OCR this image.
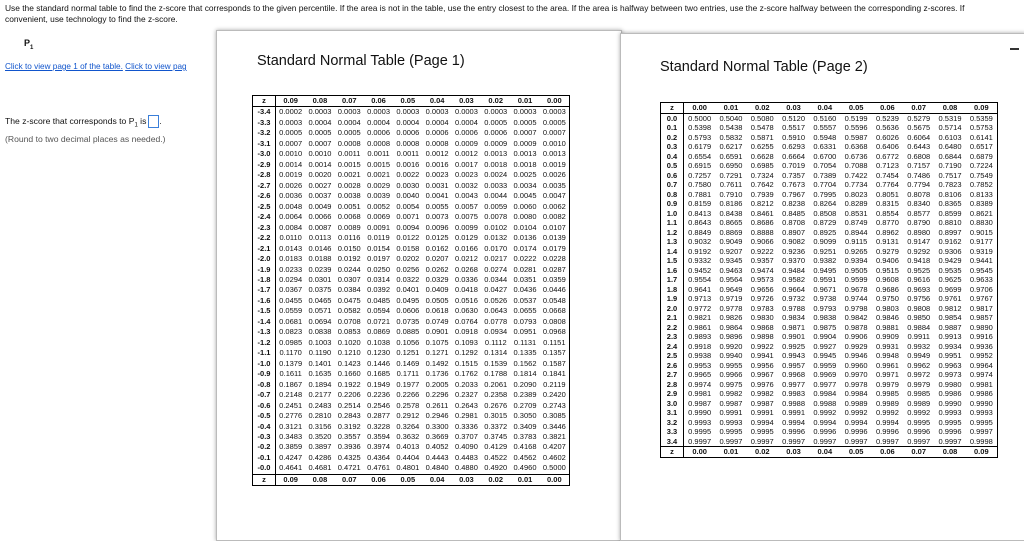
Use the standard normal table to find the z-score that corresponds to the given percentile. If the area is not in the table, use the entry closest to the area. If the area is halfway between two entries, use the z-score halfway between the corresponding z-scores. If convenient, use technology to find the z-score.
$P_1$
Click to view page 1 of the table. Click to view pag
The z-score that corresponds to $P_1$ is .
(Round to two decimal places as needed.)
Standard Normal Table (Page 1)
z	0.09	0.08	0.07	0.06	0.05	0.04	0.03	0.02	0.01	0.00
-3.4	0.0002 0.0003 0.0003 0.0003 0.0003 0.0003 0.0003 0.0003 0.0003 0.0003
-3.3	0.0003 0.0004 0.0004 0.0004 0.0004 0.0004 0.0004 0.0005 0.0005 0.0005
-3.2	0.0005 0.0005 0.0005 0.0006 0.0006 0.0006 0.0006 0.0006 0.0007 0.0007
-3.1	0.0007 0.0007 0.0008 0.0008 0.0008 0.0008 0.0009 0.0009 0.0009 0.0010
-3.0	0.0010 0.0010 0.0011 0.0011 0.0011 0.0012 0.0012 0.0013 0.0013 0.0013
-2.9	0.0014 0.0014 0.0015 0.0015 0.0016 0.0016 0.0017 0.0018 0.0018 0.0019
-2.8	0.0019 0.0020 0.0021 0.0021 0.0022 0.0023 0.0023 0.0024 0.0025 0.0026
-2.7	0.0026 0.0027 0.0028 0.0029 0.0030 0.0031 0.0032 0.0033 0.0034 0.0035
-2.6	0.0036 0.0037 0.0038 0.0039 0.0040 0.0041 0.0043 0.0044 0.0045 0.0047
-2.5	0.0048 0.0049 0.0051 0.0052 0.0054 0.0055 0.0057 0.0059 0.0060 0.0062
-2.4	0.0064 0.0066 0.0068 0.0069 0.0071 0.0073 0.0075 0.0078 0.0080 0.0082
-2.3	0.0084 0.0087 0.0089 0.0091 0.0094 0.0096 0.0099 0.0102 0.0104 0.0107
-2.2	0.0110 0.0113 0.0116 0.0119 0.0122 0.0125 0.0129 0.0132 0.0136 0.0139
-2.1	0.0143 0.0146 0.0150 0.0154 0.0158 0.0162 0.0166 0.0170 0.0174 0.0179
-2.0	0.0183 0.0188 0.0192 0.0197 0.0202 0.0207 0.0212 0.0217 0.0222 0.0228
-1.9	0.0233 0.0239 0.0244 0.0250 0.0256 0.0262 0.0268 0.0274 0.0281 0.0287
-1.8	0.0294 0.0301 0.0307 0.0314 0.0322 0.0329 0.0336 0.0344 0.0351 0.0359
-1.7	0.0367 0.0375 0.0384 0.0392 0.0401 0.0409 0.0418 0.0427 0.0436 0.0446
-1.6	0.0455 0.0465 0.0475 0.0485 0.0495 0.0505 0.0516 0.0526 0.0537 0.0548
-1.5	0.0559 0.0571 0.0582 0.0594 0.0606 0.0618 0.0630 0.0643 0.0655 0.0668
-1.4	0.0681 0.0694 0.0708 0.0721 0.0735 0.0749 0.0764 0.0778 0.0793 0.0808
-1.3	0.0823 0.0838 0.0853 0.0869 0.0885 0.0901 0.0918 0.0934 0.0951 0.0968
-1.2	0.0985 0.1003 0.1020 0.1038 0.1056 0.1075 0.1093 0.1112 0.1131 0.1151
-1.1	0.1170 0.1190 0.1210 0.1230 0.1251 0.1271 0.1292 0.1314 0.1335 0.1357
-1.0	0.1379 0.1401 0.1423 0.1446 0.1469 0.1492 0.1515 0.1539 0.1562 0.1587
-0.9	0.1611 0.1635 0.1660 0.1685 0.1711 0.1736 0.1762 0.1788 0.1814 0.1841
-0.8	0.1867 0.1894 0.1922 0.1949 0.1977 0.2005 0.2033 0.2061 0.2090 0.2119
-0.7	0.2148 0.2177 0.2206 0.2236 0.2266 0.2296 0.2327 0.2358 0.2389 0.2420
-0.6	0.2451 0.2483 0.2514 0.2546 0.2578 0.2611 0.2643 0.2676 0.2709 0.2743
-0.5	0.2776 0.2810 0.2843 0.2877 0.2912 0.2946 0.2981 0.3015 0.3050 0.3085
-0.4	0.3121 0.3156 0.3192 0.3228 0.3264 0.3300 0.3336 0.3372 0.3409 0.3446
-0.3	0.3483 0.3520 0.3557 0.3594 0.3632 0.3669 0.3707 0.3745 0.3783 0.3821
-0.2	0.3859 0.3897 0.3936 0.3974 0.4013 0.4052 0.4090 0.4129 0.4168 0.4207
-0.1	0.4247 0.4286 0.4325 0.4364 0.4404 0.4443 0.4483 0.4522 0.4562 0.4602
-0.0	0.4641 0.4681 0.4721 0.4761 0.4801 0.4840 0.4880 0.4920 0.4960 0.5000
z	0.09	0.08	0.07	0.06	0.05	0.04	0.03	0.02	0.01	0.00
Standard Normal Table (Page 2)
z	0.00	0.01	0.02	0.03	0.04	0.05	0.06	0.07	0.08	0.09
0.0	0.5000	0.5040	0.5080	0.5120	0.5160	0.5199	0.5239	0.5279	0.5319	0.5359
0.1	0.5398	0.5438	0.5478	0.5517	0.5557	0.5596	0.5636	0.5675	0.5714	0.5753
0.2	0.5793	0.5832	0.5871	0.5910	0.5948	0.5987	0.6026	0.6064	0.6103	0.6141
0.3	0.6179	0.6217	0.6255	0.6293	0.6331	0.6368	0.6406	0.6443	0.6480	0.6517
0.4	0.6554	0.6591	0.6628	0.6664	0.6700	0.6736	0.6772	0.6808	0.6844	0.6879
0.5	0.6915	0.6950	0.6985	0.7019	0.7054	0.7088	0.7123	0.7157	0.7190	0.7224
0.6	0.7257	0.7291	0.7324	0.7357	0.7389	0.7422	0.7454	0.7486	0.7517	0.7549
0.7	0.7580	0.7611	0.7642	0.7673	0.7704	0.7734	0.7764	0.7794	0.7823	0.7852
0.8	0.7881	0.7910	0.7939	0.7967	0.7995	0.8023	0.8051	0.8078	0.8106	0.8133
0.9	0.8159	0.8186	0.8212	0.8238	0.8264	0.8289	0.8315	0.8340	0.8365	0.8389
1.0	0.8413	0.8438	0.8461	0.8485	0.8508	0.8531	0.8554	0.8577	0.8599	0.8621
1.1	0.8643	0.8665	0.8686	0.8708	0.8729	0.8749	0.8770	0.8790	0.8810	0.8830
1.2	0.8849	0.8869	0.8888	0.8907	0.8925	0.8944	0.8962	0.8980	0.8997	0.9015
1.3	0.9032	0.9049	0.9066	0.9082	0.9099	0.9115	0.9131	0.9147	0.9162	0.9177
1.4	0.9192	0.9207	0.9222	0.9236	0.9251	0.9265	0.9279	0.9292	0.9306	0.9319
1.5	0.9332	0.9345	0.9357	0.9370	0.9382	0.9394	0.9406	0.9418	0.9429	0.9441
1.6	0.9452	0.9463	0.9474	0.9484	0.9495	0.9505	0.9515	0.9525	0.9535	0.9545
1.7	0.9554	0.9564	0.9573	0.9582	0.9591	0.9599	0.9608	0.9616	0.9625	0.9633
1.8	0.9641	0.9649	0.9656	0.9664	0.9671	0.9678	0.9686	0.9693	0.9699	0.9706
1.9	0.9713	0.9719	0.9726	0.9732	0.9738	0.9744	0.9750	0.9756	0.9761	0.9767
2.0	0.9772	0.9778	0.9783	0.9788	0.9793	0.9798	0.9803	0.9808	0.9812	0.9817
2.1	0.9821	0.9826	0.9830	0.9834	0.9838	0.9842	0.9846	0.9850	0.9854	0.9857
2.2	0.9861	0.9864	0.9868	0.9871	0.9875	0.9878	0.9881	0.9884	0.9887	0.9890
2.3	0.9893	0.9896	0.9898	0.9901	0.9904	0.9906	0.9909	0.9911	0.9913	0.9916
2.4	0.9918	0.9920	0.9922	0.9925	0.9927	0.9929	0.9931	0.9932	0.9934	0.9936
2.5	0.9938	0.9940	0.9941	0.9943	0.9945	0.9946	0.9948	0.9949	0.9951	0.9952
2.6	0.9953	0.9955	0.9956	0.9957	0.9959	0.9960	0.9961	0.9962	0.9963	0.9964
2.7	0.9965	0.9966	0.9967	0.9968	0.9969	0.9970	0.9971	0.9972	0.9973	0.9974
2.8	0.9974	0.9975	0.9976	0.9977	0.9977	0.9978	0.9979	0.9979	0.9980	0.9981
2.9	0.9981	0.9982	0.9982	0.9983	0.9984	0.9984	0.9985	0.9985	0.9986	0.9986
3.0	0.9987	0.9987	0.9987	0.9988	0.9988	0.9989	0.9989	0.9989	0.9990	0.9990
3.1	0.9990	0.9991	0.9991	0.9991	0.9992	0.9992	0.9992	0.9992	0.9993	0.9993
3.2	0.9993	0.9993	0.9994	0.9994	0.9994	0.9994	0.9994	0.9995	0.9995	0.9995
3.3	0.9995	0.9995	0.9995	0.9996	0.9996	0.9996	0.9996	0.9996	0.9996	0.9997
3.4	0.9997	0.9997	0.9997	0.9997	0.9997	0.9997	0.9997	0.9997	0.9997	0.9998
z	0.00	0.01	0.02	0.03	0.04	0.05	0.06	0.07	0.08	0.09
